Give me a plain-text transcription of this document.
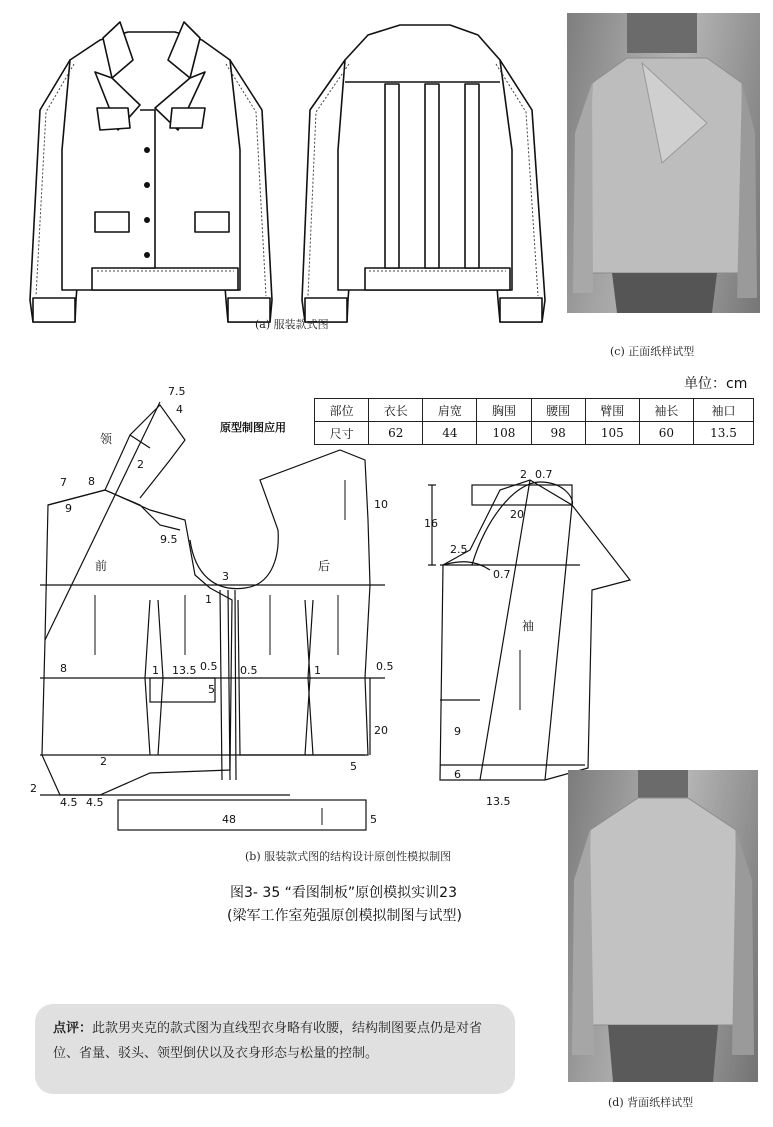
(a) 服装款式图
(c) 正面纸样试型
单位：cm
原型制图应用
部位	衣长	肩宽	胸围	腰围	臂围	袖长	袖口
尺寸	62	44	108	98	105	60	13.5
领
前	后
袖
7.5
4
2
7 8
9
9.5
3
1
10
8	1 13.5 0.5 0.5	1	0.5
5
20
2	5
2
4.5 4.5
48	5
2 0.7
16
20
2.5
0.7
9
6
13.5
(b) 服装款式图的结构设计原创性模拟制图
图3- 35 “看图制板”原创模拟实训23
(梁军工作室苑强原创模拟制图与试型)
(d) 背面纸样试型
点评：此款男夹克的款式图为直线型衣身略有收腰，结构制图要点仍是对省位、省量、驳头、领型倒伏以及衣身形态与松量的控制。
